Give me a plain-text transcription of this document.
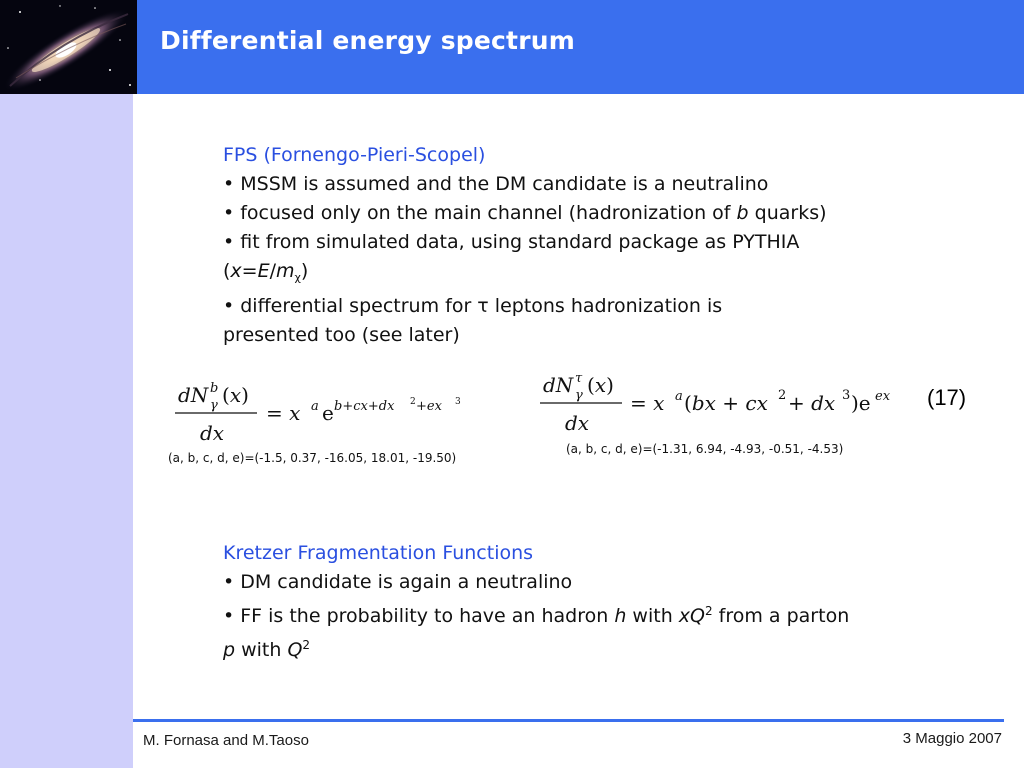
Differential energy spectrum
FPS (Fornengo-Pieri-Scopel)
• MSSM is assumed and the DM candidate is a neutralino
• focused only on the main channel (hadronization of b quarks)
• fit from simulated data, using standard package as PYTHIA
$(x=E/m_\chi)$
• differential spectrum for τ leptons hadronization is
presented too (see later)
dN b
γ (x)
dx
= x a e b+cx+dx 2 +ex 3
(a, b, c, d, e)=(-1.5, 0.37, -16.05, 18.01, -19.50)
dN τ
γ (x)
dx
= x a (bx + cx 2 + dx 3 )e ex
(a, b, c, d, e)=(-1.31, 6.94, -4.93, -0.51, -4.53)
(17)
Kretzer Fragmentation Functions
• DM candidate is again a neutralino
• FF is the probability to have an hadron h with $xQ^2$ from a parton
p with $Q^2$
M. Fornasa and M.Taoso	3 Maggio 2007
